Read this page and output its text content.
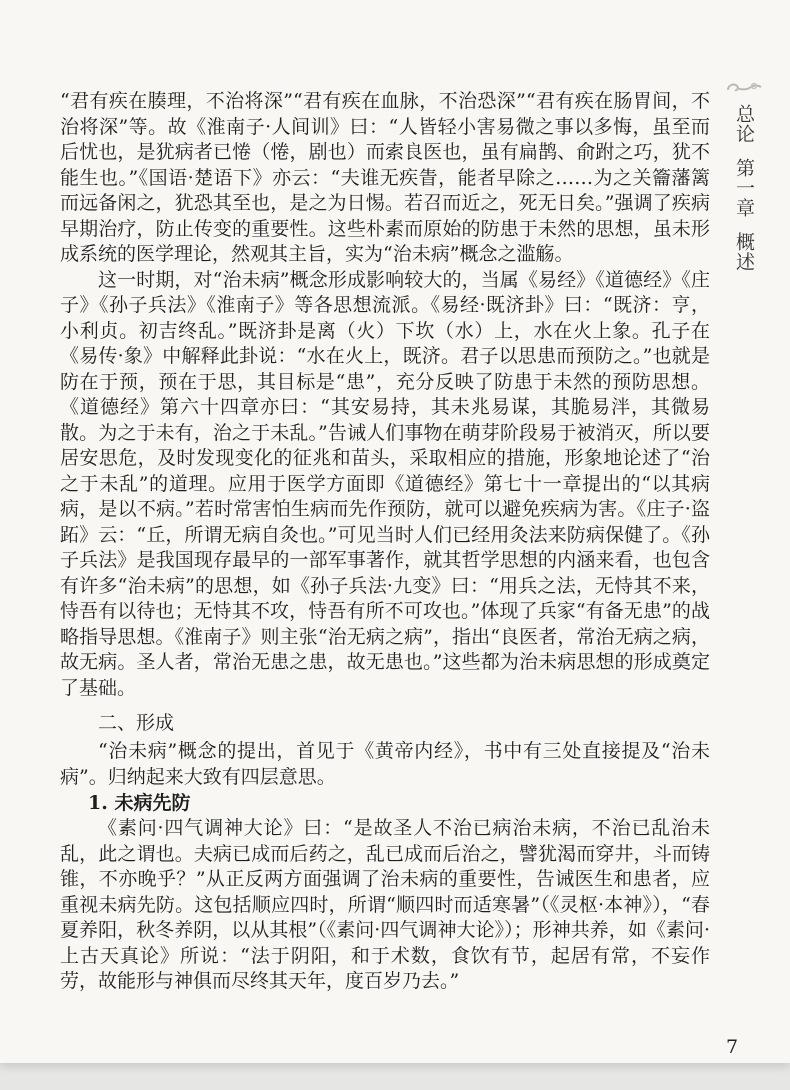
总论
第一章
概述
“君有疾在腠理，不治将深”“君有疾在血脉，不治恐深”“君有疾在肠胃间，不治将深”等。故《淮南子·人间训》曰：“人皆轻小害易微之事以多悔，虽至而后忧也，是犹病者已惓（惓，剧也）而索良医也，虽有扁鹊、俞跗之巧，犹不能生也。”《国语·楚语下》亦云：“夫谁无疾眚，能者早除之……为之关籥藩篱而远备闲之，犹恐其至也，是之为日惕。若召而近之，死无日矣。”强调了疾病早期治疗，防止传变的重要性。这些朴素而原始的防患于未然的思想，虽未形成系统的医学理论，然观其主旨，实为“治未病”概念之滥觞。
这一时期，对“治未病”概念形成影响较大的，当属《易经》《道德经》《庄子》《孙子兵法》《淮南子》等各思想流派。《易经·既济卦》曰：“既济：亨，小利贞。初吉终乱。”既济卦是离（火）下坎（水）上，水在火上象。孔子在《易传·象》中解释此卦说：“水在火上，既济。君子以思患而预防之。”也就是防在于预，预在于思，其目标是“患”，充分反映了防患于未然的预防思想。《道德经》第六十四章亦曰：“其安易持，其未兆易谋，其脆易泮，其微易散。为之于未有，治之于未乱。”告诫人们事物在萌芽阶段易于被消灭，所以要居安思危，及时发现变化的征兆和苗头，采取相应的措施，形象地论述了“治之于未乱”的道理。应用于医学方面即《道德经》第七十一章提出的“以其病病，是以不病。”若时常害怕生病而先作预防，就可以避免疾病为害。《庄子·盗跖》云：“丘，所谓无病自灸也。”可见当时人们已经用灸法来防病保健了。《孙子兵法》是我国现存最早的一部军事著作，就其哲学思想的内涵来看，也包含有许多“治未病”的思想，如《孙子兵法·九变》曰：“用兵之法，无恃其不来，恃吾有以待也；无恃其不攻，恃吾有所不可攻也。”体现了兵家“有备无患”的战略指导思想。《淮南子》则主张“治无病之病”，指出“良医者，常治无病之病，故无病。圣人者，常治无患之患，故无患也。”这些都为治未病思想的形成奠定了基础。
二、形成
“治未病”概念的提出，首见于《黄帝内经》，书中有三处直接提及“治未病”。归纳起来大致有四层意思。
1. 未病先防
《素问·四气调神大论》曰：“是故圣人不治已病治未病，不治已乱治未乱，此之谓也。夫病已成而后药之，乱已成而后治之，譬犹渴而穿井，斗而铸锥，不亦晚乎？”从正反两方面强调了治未病的重要性，告诫医生和患者，应重视未病先防。这包括顺应四时，所谓“顺四时而适寒暑”（《灵枢·本神》），“春夏养阳，秋冬养阴，以从其根”（《素问·四气调神大论》）；形神共养，如《素问·上古天真论》所说：“法于阴阳，和于术数，食饮有节，起居有常，不妄作劳，故能形与神俱而尽终其天年，度百岁乃去。”
7
